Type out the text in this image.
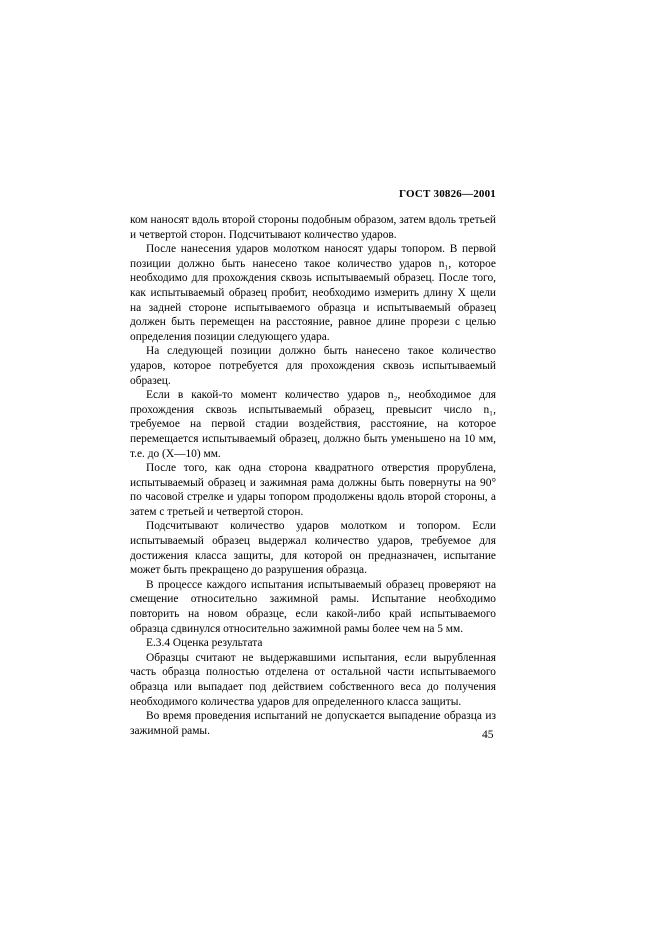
ГОСТ 30826—2001

ком наносят вдоль второй стороны подобным образом, затем вдоль третьей и четвертой сторон. Подсчитывают количество ударов.

После нанесения ударов молотком наносят удары топором. В первой позиции должно быть нанесено такое количество ударов n₁, которое необходимо для прохождения сквозь испытываемый образец. После того, как испытываемый образец пробит, необходимо измерить длину X щели на задней стороне испытываемого образца и испытываемый образец должен быть перемещен на расстояние, равное длине прорези с целью определения позиции следующего удара.

На следующей позиции должно быть нанесено такое количество ударов, которое потребуется для прохождения сквозь испытываемый образец.

Если в какой-то момент количество ударов n₂, необходимое для прохождения сквозь испытываемый образец, превысит число n₁, требуемое на первой стадии воздействия, расстояние, на которое перемещается испытываемый образец, должно быть уменьшено на 10 мм, т.е. до (X—10) мм.

После того, как одна сторона квадратного отверстия прорублена, испытываемый образец и зажимная рама должны быть повернуты на 90° по часовой стрелке и удары топором продолжены вдоль второй стороны, а затем с третьей и четвертой сторон.

Подсчитывают количество ударов молотком и топором. Если испытываемый образец выдержал количество ударов, требуемое для достижения класса защиты, для которой он предназначен, испытание может быть прекращено до разрушения образца.

В процессе каждого испытания испытываемый образец проверяют на смещение относительно зажимной рамы. Испытание необходимо повторить на новом образце, если какой-либо край испытываемого образца сдвинулся относительно зажимной рамы более чем на 5 мм.

Е.3.4 Оценка результата

Образцы считают не выдержавшими испытания, если вырубленная часть образца полностью отделена от остальной части испытываемого образца или выпадает под действием собственного веса до получения необходимого количества ударов для определенного класса защиты.

Во время проведения испытаний не допускается выпадение образца из зажимной рамы.	45
